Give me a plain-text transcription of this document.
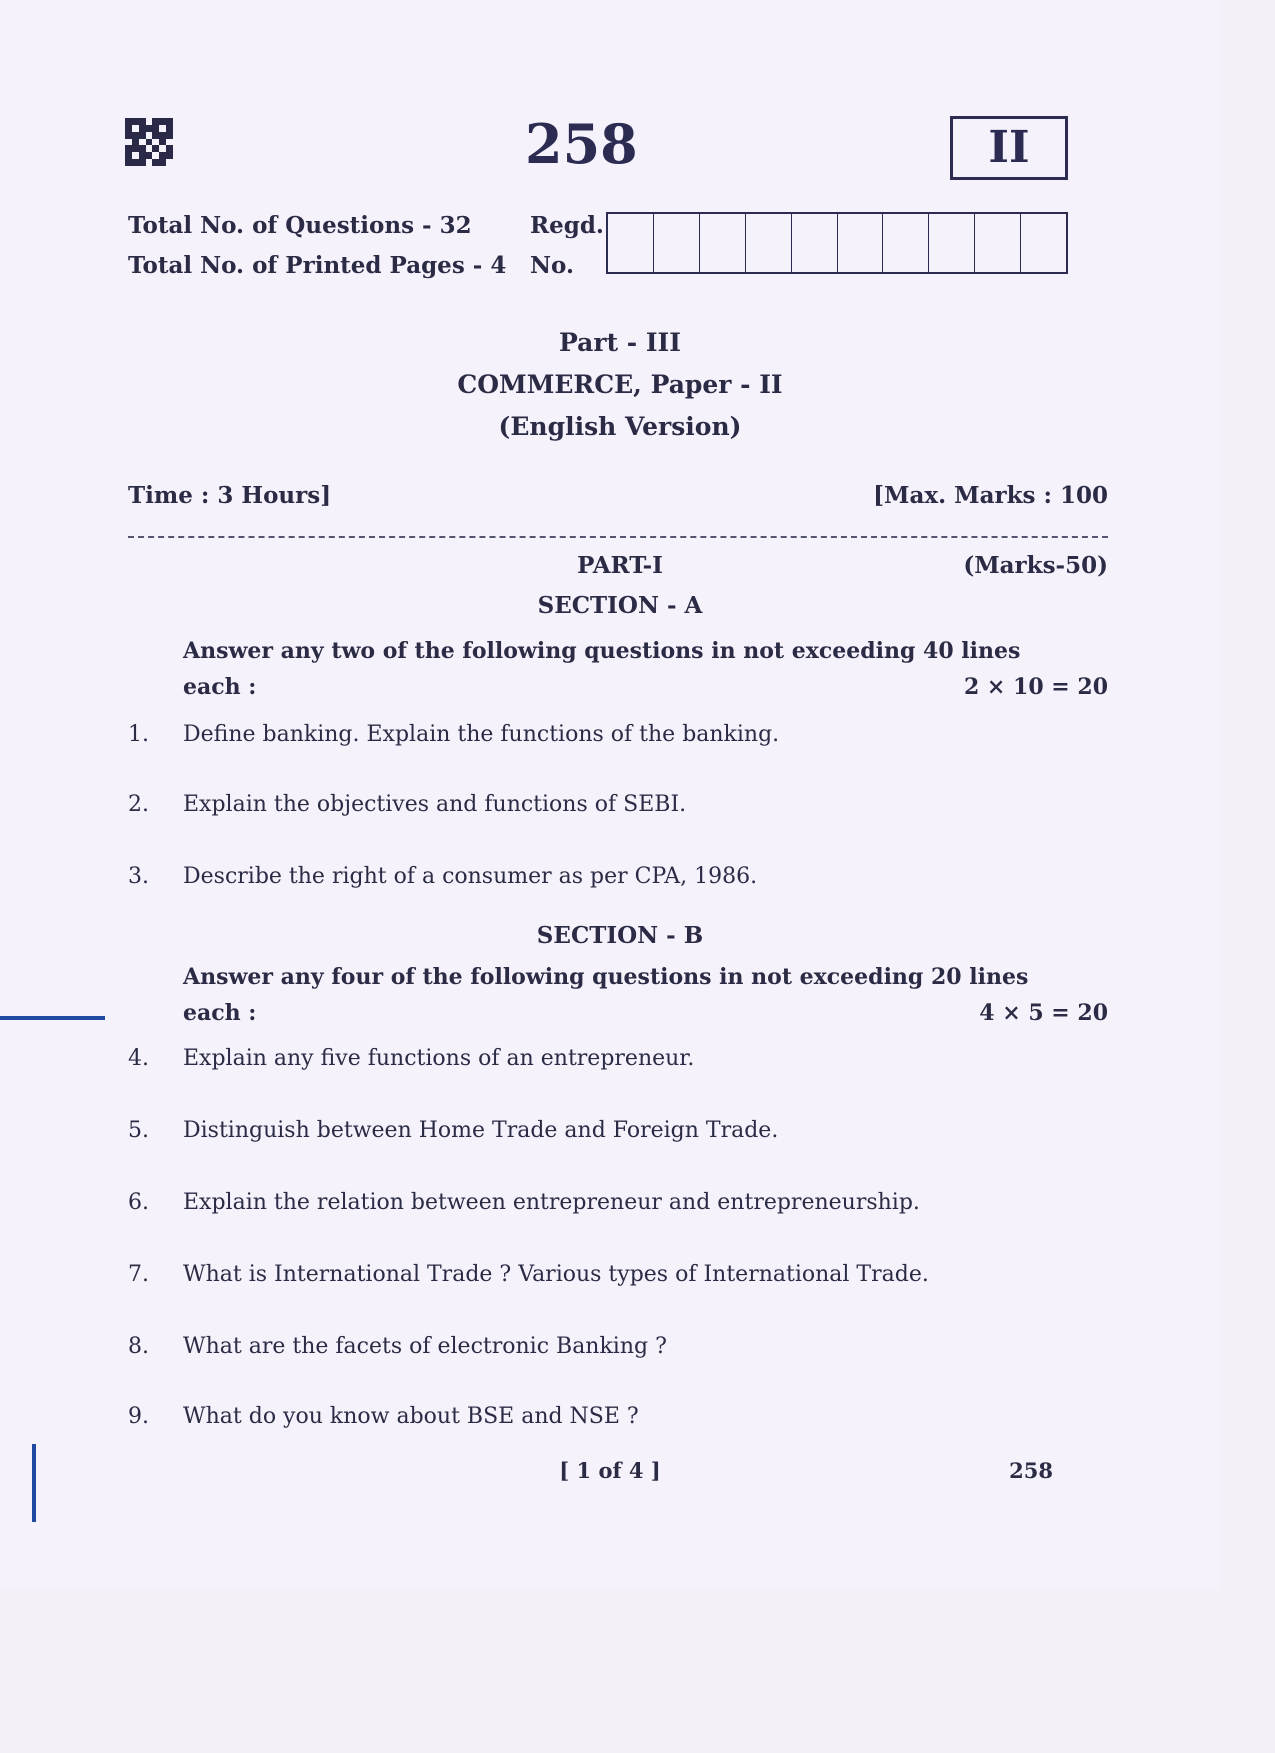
258	II
Total No. of Questions - 32
Total No. of Printed Pages - 4
Regd.
No.
Part - III
COMMERCE, Paper - II
(English Version)
Time : 3 Hours]	[Max. Marks : 100
PART-I	(Marks-50)
SECTION - A
Answer any two of the following questions in not exceeding 40 lines
each :	2 × 10 = 20
1. Define banking. Explain the functions of the banking.
2. Explain the objectives and functions of SEBI.
3. Describe the right of a consumer as per CPA, 1986.
SECTION - B
Answer any four of the following questions in not exceeding 20 lines
each :	4 × 5 = 20
4. Explain any five functions of an entrepreneur.
5. Distinguish between Home Trade and Foreign Trade.
6. Explain the relation between entrepreneur and entrepreneurship.
7. What is International Trade ? Various types of International Trade.
8. What are the facets of electronic Banking ?
9. What do you know about BSE and NSE ?
[ 1 of 4 ]	258
